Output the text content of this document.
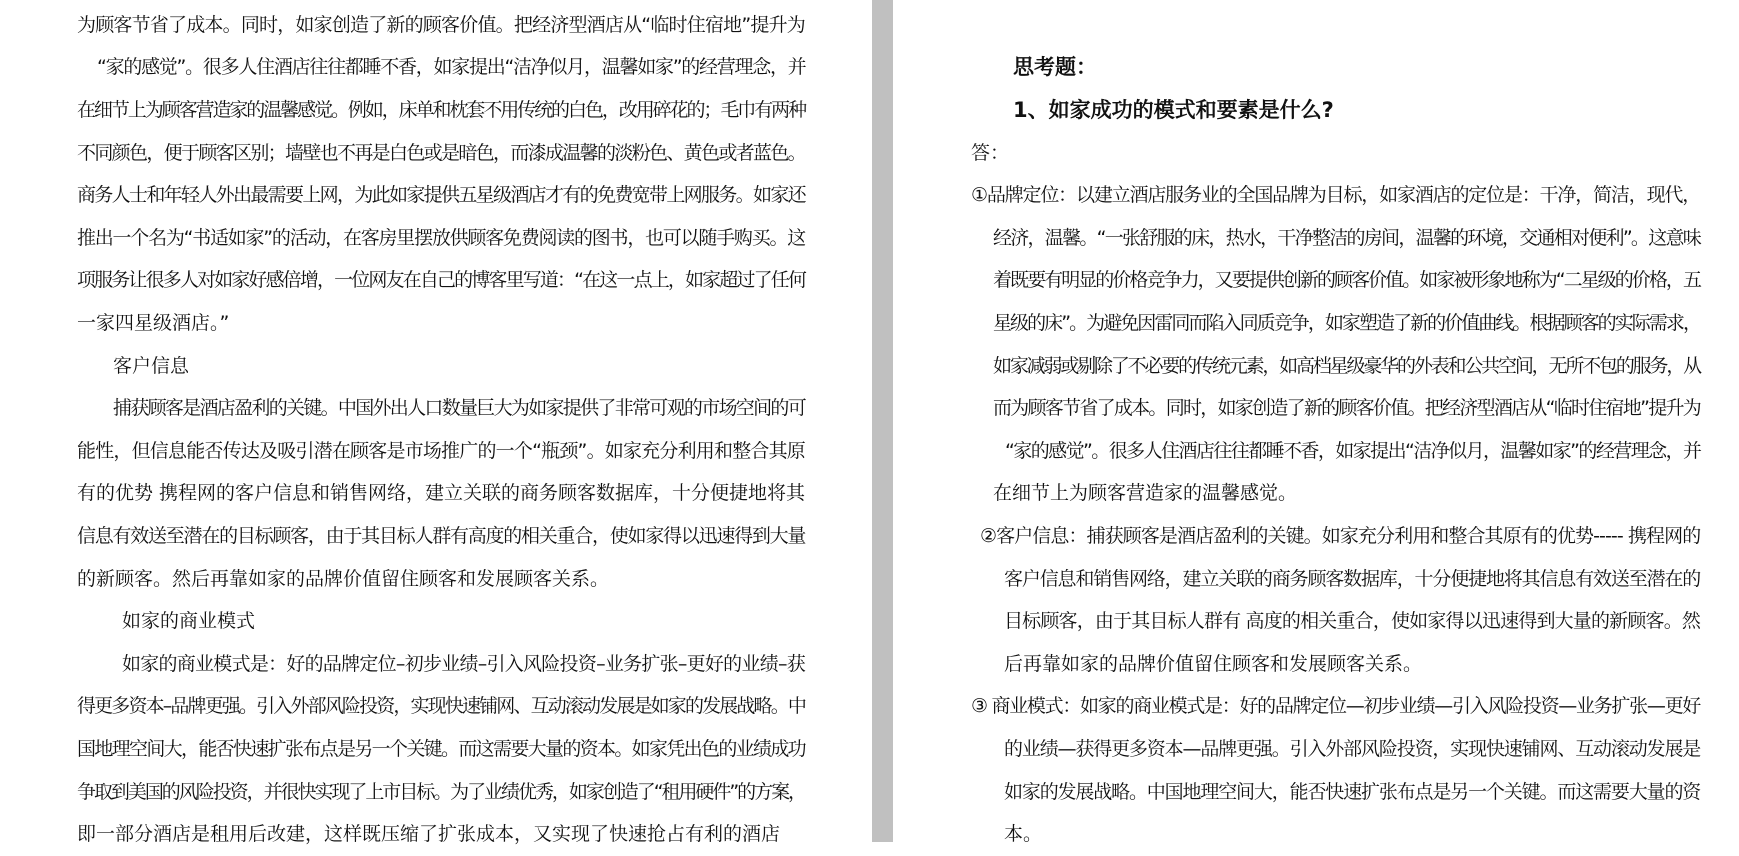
为顾客节省了成本。同时，如家创造了新的顾客价值。把经济型酒店从“临时住宿地”提升为
“家的感觉”。很多人住酒店往往都睡不香，如家提出“洁净似月，温馨如家”的经营理念，并
在细节上为顾客营造家的温馨感觉。例如，床单和枕套不用传统的白色，改用碎花的；毛巾有两种
不同颜色，便于顾客区别；墙壁也不再是白色或是暗色，而漆成温馨的淡粉色、黄色或者蓝色。
商务人士和年轻人外出最需要上网，为此如家提供五星级酒店才有的免费宽带上网服务。如家还
推出一个名为“书适如家”的活动，在客房里摆放供顾客免费阅读的图书，也可以随手购买。这
项服务让很多人对如家好感倍增，一位网友在自己的博客里写道：“在这一点上，如家超过了任何
一家四星级酒店。”
客户信息
捕获顾客是酒店盈利的关键。中国外出人口数量巨大为如家提供了非常可观的市场空间的可
能性，但信息能否传达及吸引潜在顾客是市场推广的一个“瓶颈”。如家充分利用和整合其原
有的优势 携程网的客户信息和销售网络，建立关联的商务顾客数据库，十分便捷地将其
信息有效送至潜在的目标顾客，由于其目标人群有高度的相关重合，使如家得以迅速得到大量
的新顾客。然后再靠如家的品牌价值留住顾客和发展顾客关系。
如家的商业模式
如家的商业模式是：好的品牌定位–初步业绩–引入风险投资–业务扩张–更好的业绩–获
得更多资本–品牌更强。引入外部风险投资，实现快速铺网、互动滚动发展是如家的发展战略。中
国地理空间大，能否快速扩张布点是另一个关键。而这需要大量的资本。如家凭出色的业绩成功
争取到美国的风险投资，并很快实现了上市目标。为了业绩优秀，如家创造了“租用硬件”的方案，
即一部分酒店是租用后改建，这样既压缩了扩张成本，又实现了快速抢占有利的酒店
思考题：
1、如家成功的模式和要素是什么?
答：
①品牌定位：以建立酒店服务业的全国品牌为目标，如家酒店的定位是：干净，简洁，现代，
经济，温馨。“一张舒服的床，热水，干净整洁的房间，温馨的环境，交通相对便利”。这意味
着既要有明显的价格竞争力，又要提供创新的顾客价值。如家被形象地称为“二星级的价格，五
星级的床”。为避免因雷同而陷入同质竞争，如家塑造了新的价值曲线。根据顾客的实际需求，
如家减弱或剔除了不必要的传统元素，如高档星级豪华的外表和公共空间，无所不包的服务，从
而为顾客节省了成本。同时，如家创造了新的顾客价值。把经济型酒店从“临时住宿地”提升为
“家的感觉”。很多人住酒店往往都睡不香，如家提出“洁净似月，温馨如家”的经营理念，并
在细节上为顾客营造家的温馨感觉。
②客户信息：捕获顾客是酒店盈利的关键。如家充分利用和整合其原有的优势----- 携程网的
客户信息和销售网络，建立关联的商务顾客数据库，十分便捷地将其信息有效送至潜在的
目标顾客，由于其目标人群有 高度的相关重合，使如家得以迅速得到大量的新顾客。然
后再靠如家的品牌价值留住顾客和发展顾客关系。
③ 商业模式：如家的商业模式是：好的品牌定位—初步业绩—引入风险投资—业务扩张—更好
的业绩—获得更多资本—品牌更强。引入外部风险投资，实现快速铺网、互动滚动发展是
如家的发展战略。中国地理空间大，能否快速扩张布点是另一个关键。而这需要大量的资
本。
